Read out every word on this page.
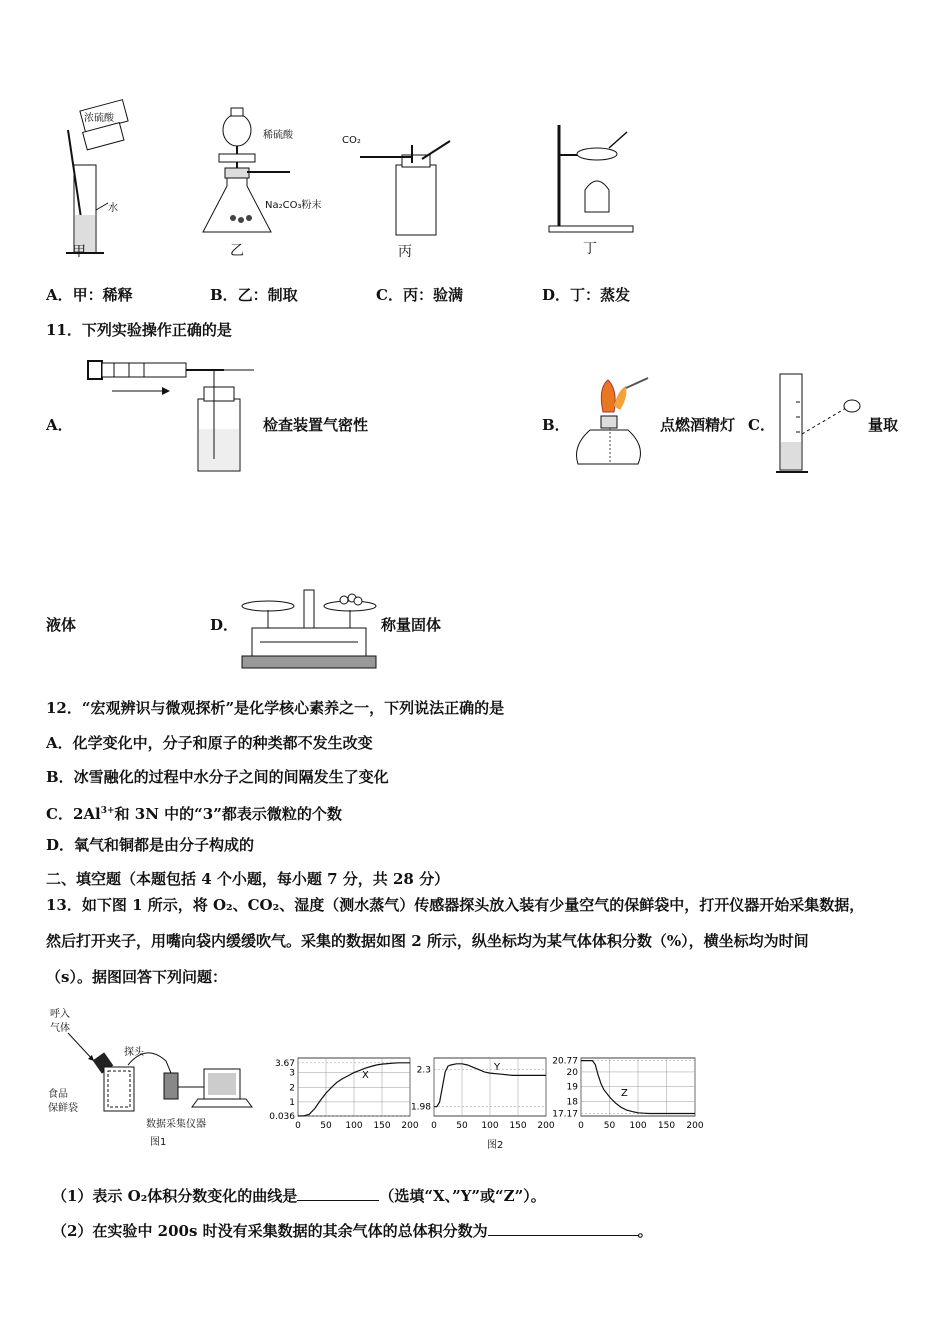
浓硫酸
水
甲
稀硫酸
Na₂CO₃粉末
乙
CO₂
丙	丁
A．甲：稀释	B．乙：制取	C．丙：验满	D．丁：蒸发
11．下列实验操作正确的是
A．	检查装置气密性	B．	点燃酒精灯 C．	量取
液体	D．	称量固体
12．“宏观辨识与微观探析”是化学核心素养之一，下列说法正确的是
A．化学变化中，分子和原子的种类都不发生改变
B．冰雪融化的过程中水分子之间的间隔发生了变化
C．$2Al^{3+}$和 3N 中的“3”都表示微粒的个数
D．氧气和铜都是由分子构成的
二、填空题（本题包括 4 个小题，每小题 7 分，共 28 分）
13．如下图 1 所示，将 O₂、CO₂、湿度（测水蒸气）传感器探头放入装有少量空气的保鲜袋中，打开仪器开始采集数据，
然后打开夹子，用嘴向袋内缓缓吹气。采集的数据如图 2 所示，纵坐标均为某气体体积分数（%），横坐标均为时间
（s）。据图回答下列问题：
呼入
气体
探头
食品
保鲜袋
数据采集仪器
图1
0 50 100 150 200
3.67
3
2
1
0.036
X
0 50 100 150 200
2.3
1.98
Y
0 50 100 150 200
20.77
20
19
18
17.17
Z
图2
（1）表示 O₂体积分数变化的曲线是	（选填“X、”Y”或“Z”）。
（2）在实验中 200s 时没有采集数据的其余气体的总体积分数为	。
